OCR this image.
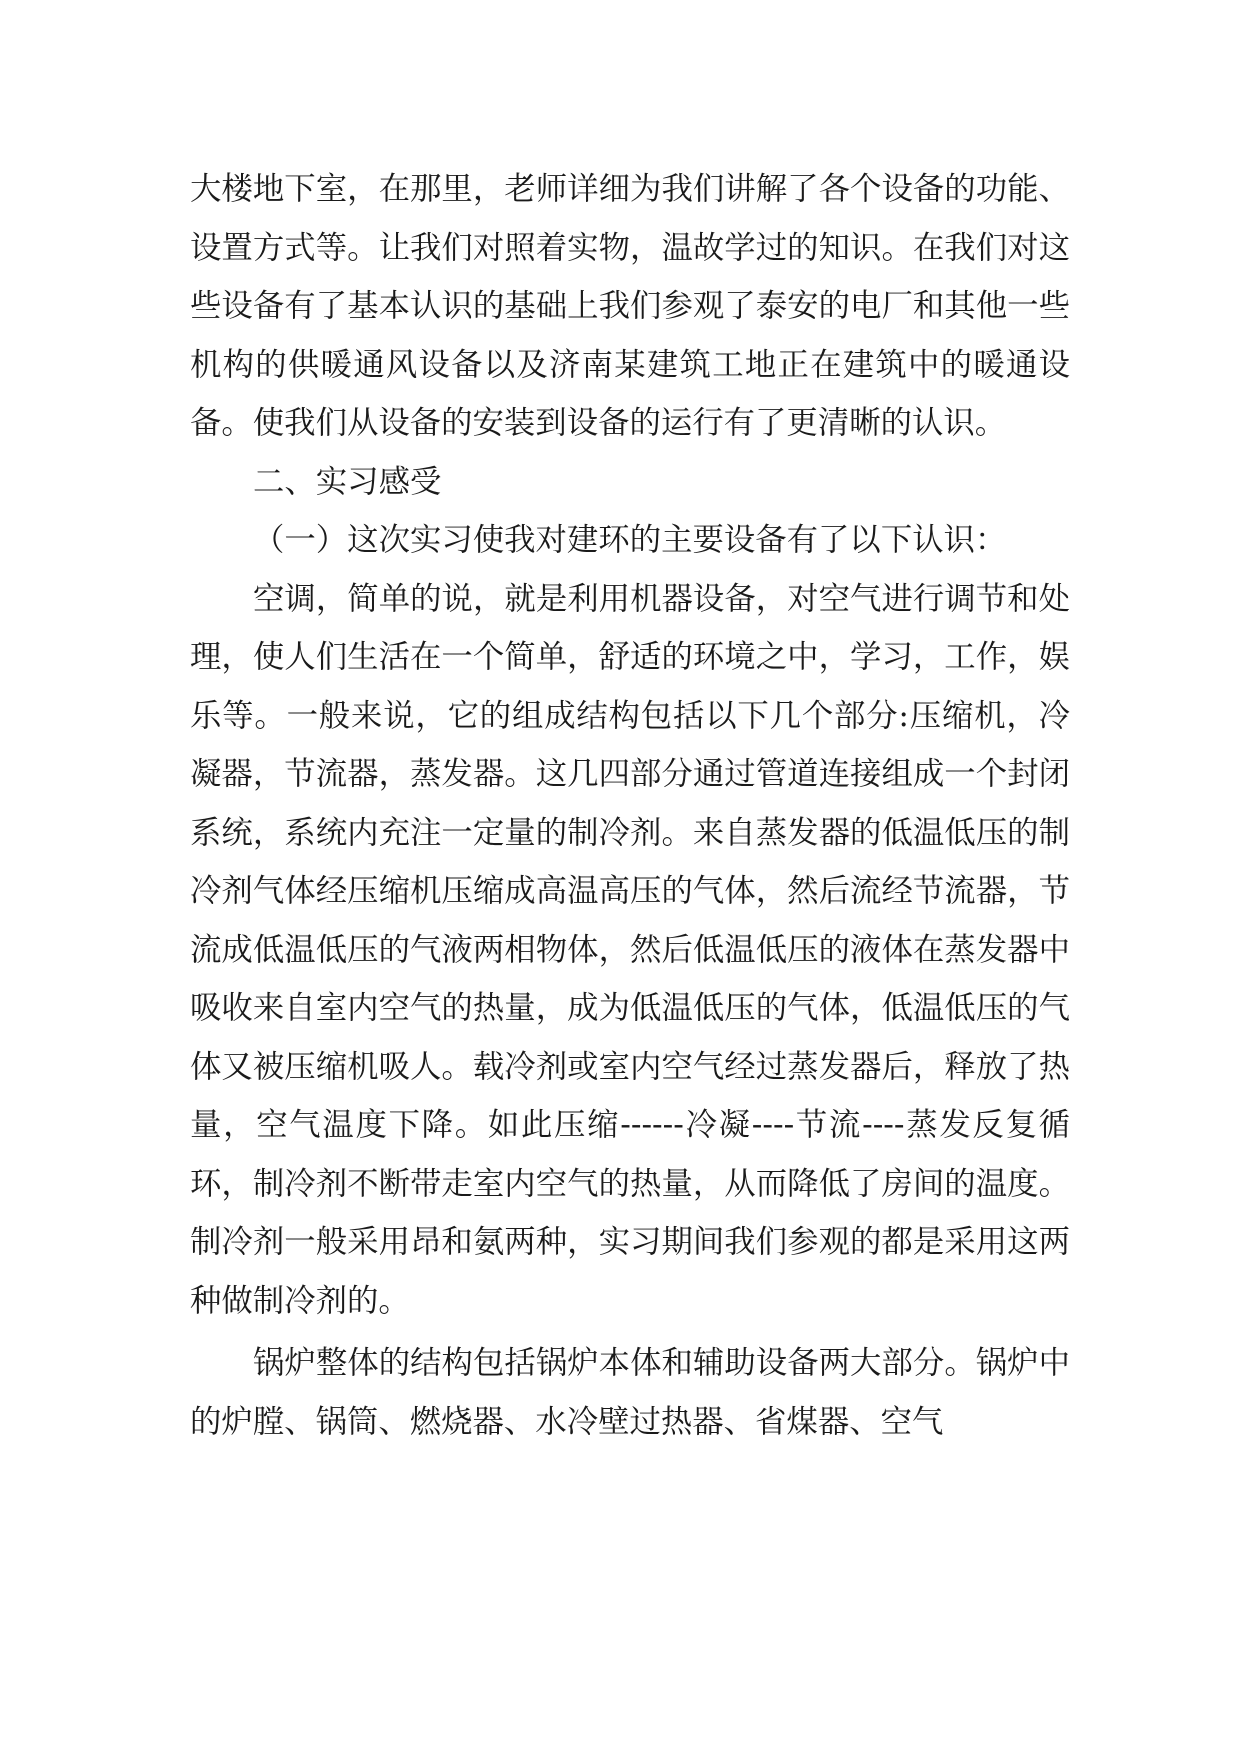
大楼地下室，在那里，老师详细为我们讲解了各个设备的功能、设置方式等。让我们对照着实物，温故学过的知识。在我们对这些设备有了基本认识的基础上我们参观了泰安的电厂和其他一些机构的供暖通风设备以及济南某建筑工地正在建筑中的暖通设备。使我们从设备的安装到设备的运行有了更清晰的认识。

二、实习感受

（一）这次实习使我对建环的主要设备有了以下认识：

空调，简单的说，就是利用机器设备，对空气进行调节和处理，使人们生活在一个简单，舒适的环境之中，学习，工作，娱乐等。一般来说，它的组成结构包括以下几个部分:压缩机，冷凝器，节流器，蒸发器。这几四部分通过管道连接组成一个封闭系统，系统内充注一定量的制冷剂。来自蒸发器的低温低压的制冷剂气体经压缩机压缩成高温高压的气体，然后流经节流器，节流成低温低压的气液两相物体，然后低温低压的液体在蒸发器中吸收来自室内空气的热量，成为低温低压的气体，低温低压的气体又被压缩机吸人。载冷剂或室内空气经过蒸发器后，释放了热量，空气温度下降。如此压缩------冷凝----节流----蒸发反复循环，制冷剂不断带走室内空气的热量，从而降低了房间的温度。制冷剂一般采用昂和氨两种，实习期间我们参观的都是采用这两种做制冷剂的。

锅炉整体的结构包括锅炉本体和辅助设备两大部分。锅炉中的炉膛、锅筒、燃烧器、水冷壁过热器、省煤器、空气
